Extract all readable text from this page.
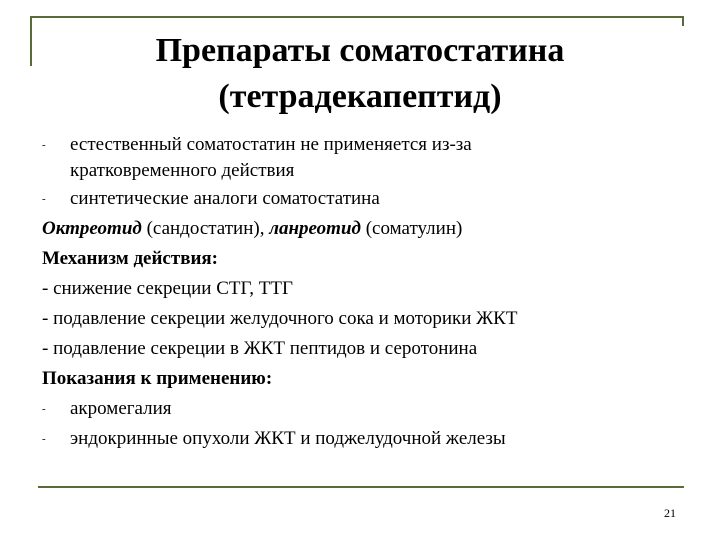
Препараты соматостатина
(тетрадекапептид)
-	естественный соматостатин не применяется из-за
кратковременного действия
-	синтетические аналоги соматостатина
Октреотид (сандостатин), ланреотид (соматулин)
Механизм действия:
- снижение секреции СТГ, ТТГ
- подавление секреции желудочного сока и моторики ЖКТ
- подавление секреции в ЖКТ пептидов и серотонина
Показания к применению:
-	акромегалия
-	эндокринные опухоли ЖКТ и поджелудочной железы
21
